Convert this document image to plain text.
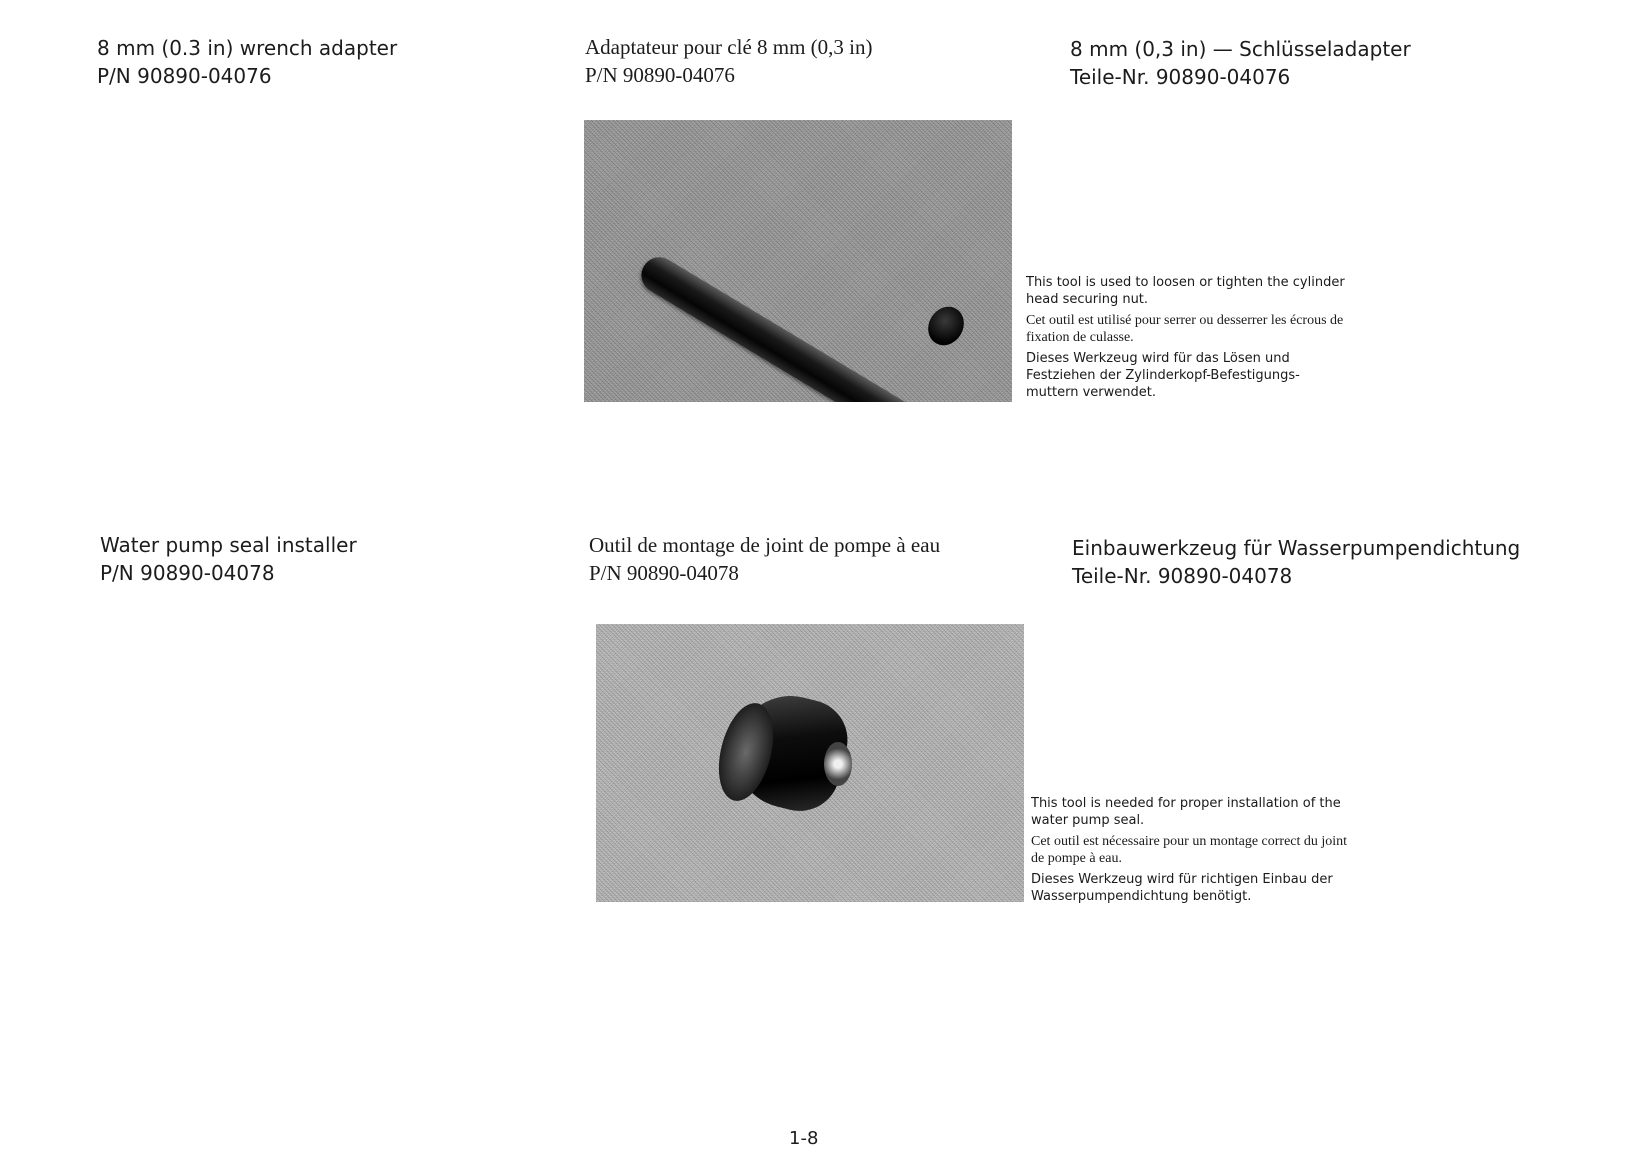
8 mm (0.3 in) wrench adapter
P/N 90890-04076
Adaptateur pour clé 8 mm (0,3 in)
P/N 90890-04076
8 mm (0,3 in) — Schlüsseladapter
Teile-Nr. 90890-04076
This tool is used to loosen or tighten the cylinder head securing nut.
Cet outil est utilisé pour serrer ou desserrer les écrous de fixation de culasse.
Dieses Werkzeug wird für das Lösen und Festziehen der Zylinderkopf-Befestigungs- muttern verwendet.
Water pump seal installer
P/N 90890-04078
Outil de montage de joint de pompe à eau
P/N 90890-04078
Einbauwerkzeug für Wasserpumpendichtung
Teile-Nr. 90890-04078
This tool is needed for proper installation of the water pump seal.
Cet outil est nécessaire pour un montage correct du joint de pompe à eau.
Dieses Werkzeug wird für richtigen Einbau der Wasserpumpendichtung benötigt.
1-8
